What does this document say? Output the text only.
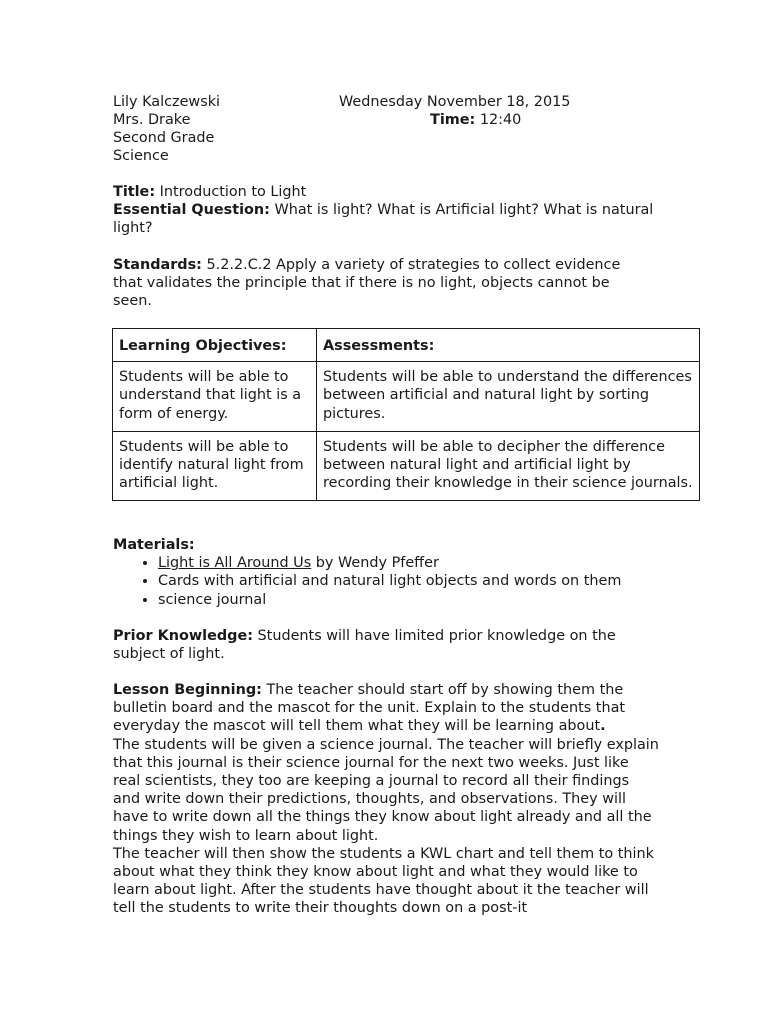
Lily Kalczewski
Mrs. Drake
Second Grade
Science
Wednesday November 18, 2015
Time: 12:40

Title: Introduction to Light

Essential Question: What is light? What is Artificial light? What is natural light?

Standards: 5.2.2.C.2 Apply a variety of strategies to collect evidence that validates the principle that if there is no light, objects cannot be seen.

Learning Objectives:	Assessments:
Students will be able to understand that light is a form of energy.	Students will be able to understand the differences between artificial and natural light by sorting pictures.
Students will be able to identify natural light from artificial light.	Students will be able to decipher the difference between natural light and artificial light by recording their knowledge in their science journals.

Materials:

• Light is All Around Us by Wendy Pfeffer
• Cards with artificial and natural light objects and words on them
• science journal

Prior Knowledge: Students will have limited prior knowledge on the subject of light.

Lesson Beginning: The teacher should start off by showing them the bulletin board and the mascot for the unit. Explain to the students that everyday the mascot will tell them what they will be learning about.

The students will be given a science journal. The teacher will briefly explain that this journal is their science journal for the next two weeks. Just like real scientists, they too are keeping a journal to record all their findings and write down their predictions, thoughts, and observations. They will have to write down all the things they know about light already and all the things they wish to learn about light.

The teacher will then show the students a KWL chart and tell them to think about what they think they know about light and what they would like to learn about light. After the students have thought about it the teacher will tell the students to write their thoughts down on a post-it
